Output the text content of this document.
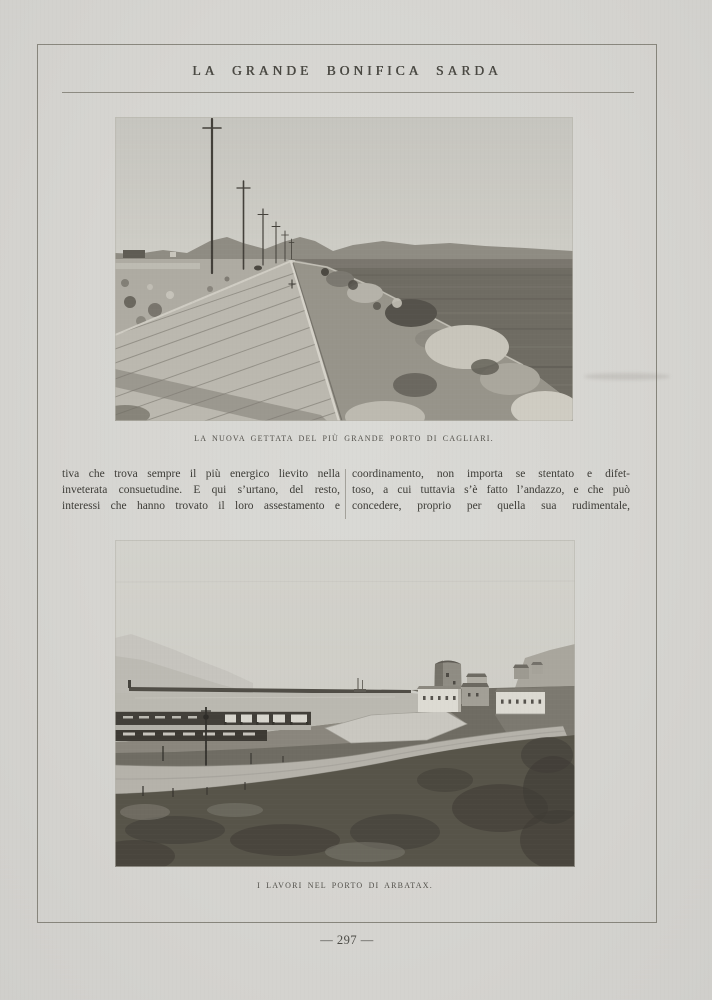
LA GRANDE BONIFICA SARDA
LA NUOVA GETTATA DEL PIÙ GRANDE PORTO DI CAGLIARI.
tiva che trova sempre il più energico lievito nella
inveterata consuetudine. E qui s’urtano, del resto,
interessi che hanno trovato il loro assestamento e
coordinamento, non importa se stentato e difet-
toso, a cui tuttavia s’è fatto l’andazzo, e che può
concedere, proprio per quella sua rudimentale,
I LAVORI NEL PORTO DI ARBATAX.
— 297 —
